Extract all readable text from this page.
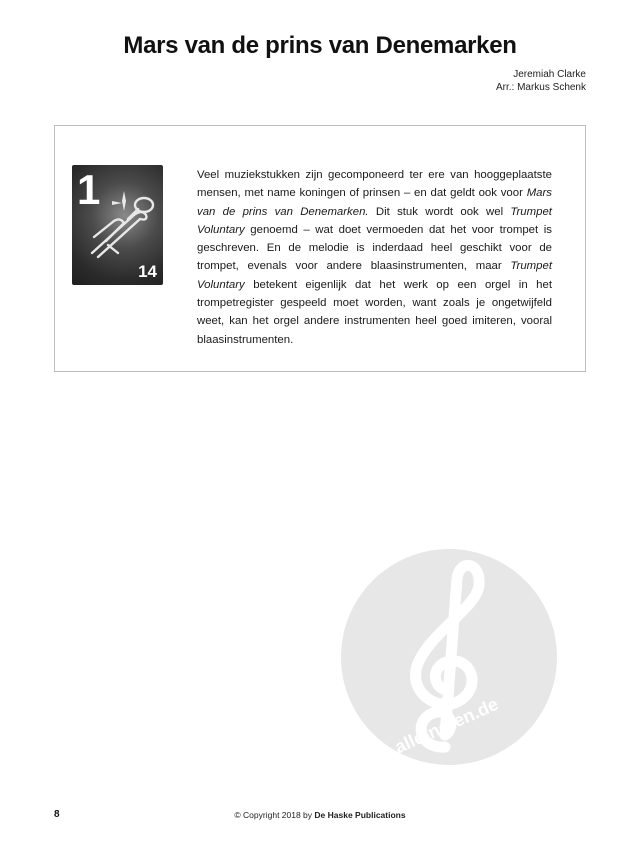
Mars van de prins van Denemarken
Jeremiah Clarke
Arr.: Markus Schenk
1
14
Veel muziekstukken zijn gecomponeerd ter ere van hooggeplaatste mensen, met name koningen of prinsen – en dat geldt ook voor Mars van de prins van Denemarken. Dit stuk wordt ook wel Trumpet Voluntary genoemd – wat doet vermoeden dat het voor trompet is geschreven. En de melodie is inderdaad heel geschikt voor de trompet, evenals voor andere blaasinstrumenten, maar Trumpet Voluntary betekent eigenlijk dat het werk op een orgel in het trompetregister gespeeld moet worden, want zoals je ongetwijfeld weet, kan het orgel andere instrumenten heel goed imiteren, vooral blaasinstrumenten.
alle-noten.de
8	© Copyright 2018 by De Haske Publications
